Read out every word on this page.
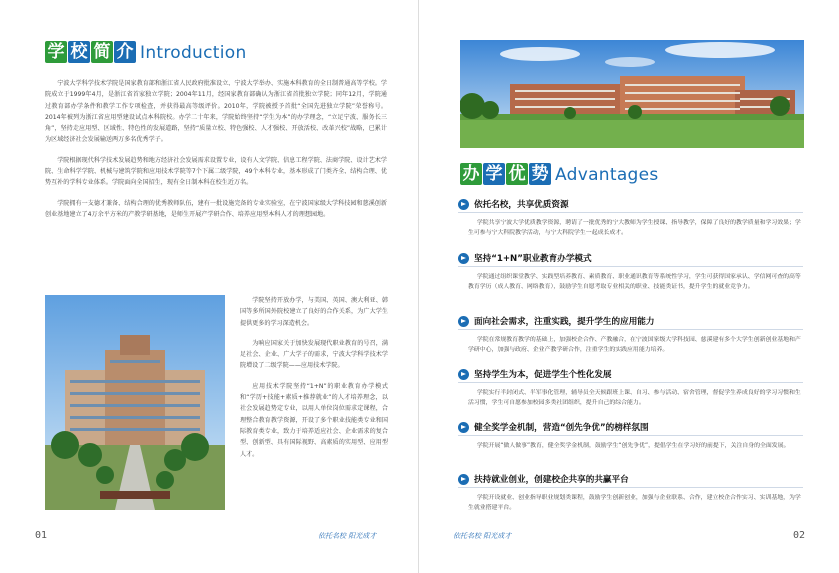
学 校 简 介 Introduction

宁波大学科学技术学院是国家教育部和浙江省人民政府批准设立、宁波大学举办、实施本科教育的全日制普通高等学校。学院成立于1999年4月，是浙江省首家独立学院；2004年11月，经国家教育部确认为浙江省首批独立学院；同年12月，学院通过教育部办学条件和教学工作专项检查，并获得最高等级评价。2010年，学院被授予首批“全国先进独立学院”荣誉称号。2014年被列为浙江省应用型建设试点本科院校。办学二十年来，学院始终坚持“学生为本”的办学理念，“立足宁波、服务长三角”，坚持走应用型、区域性、特色性的发展道路，坚持“质量立校、特色强校、人才强校、开放活校、改革兴校”战略，已累计为区域经济社会发展输送两万多名优秀学子。

学院根据现代科学技术发展趋势和地方经济社会发展需求设置专业，设有人文学院、信息工程学院、法商学院、设计艺术学院、生命科学学院、机械与建筑学院和应用技术学院等7个下属二级学院，49个本科专业，基本形成了门类齐全、结构合理、优势互补的学科专业体系。学院面向全国招生，现有全日制本科在校生近万名。

学院拥有一支德才兼备、结构合理的优秀教师队伍，建有一批设施完备的专业实验室，在宁波国家级大学科技园和慈溪创新创业基地建立了4万余平方米的产教学研基地，是师生开展产学研合作、培养应用型本科人才的理想园地。

学院坚持开放办学，与美国、英国、澳大利亚、韩国等多所国外院校建立了良好的合作关系，为广大学生提供更多的学习深造机会。

为响应国家关于加快发展现代职业教育的号召，满足社会、企业、广大学子的需求，宁波大学科学技术学院增设了二级学院——应用技术学院。

应用技术学院坚持“1+N”的职业教育办学模式和“学历+技能+素质+推荐就业”的人才培养理念，以社会发展趋势定专业，以用人单位岗位需求定课程，合理整合教育教学资源，开设了多个职业技能类专业和国际教育类专业，致力于培养适应社会、企业需求的复合型、创新型、具有国际视野、高素质的实用型、应用型人才。

01	依托名校 阳光成才
办 学 优 势 Advantages
依托名校，共享优质资源
学院共享宁波大学优质教学资源，聘请了一批优秀的宁大教师为学生授课、指导教学，保障了良好的教学质量和学习效果；学生可参与宁大科院教学活动，与宁大科院学生一起成长成才。
坚持“1+N”职业教育办学模式
学院通过组织课堂教学、实践型培养教育、素质教育、职业通识教育等系统性学习，学生可获得国家承认、学信网可查的高等教育学历（成人教育、网络教育），鼓励学生自愿考取专业相关的职业、技能类证书，提升学生的就业竞争力。
面向社会需求，注重实践，提升学生的应用能力
学院在常规教育教学的基础上，加强校企合作、产教融合，在宁波国家级大学科技园、慈溪建有多个大学生创新创业基地和产学研中心，加强与政府、企业产教学研合作，注重学生的实践应用能力培养。
坚持学生为本，促进学生个性化发展
学院实行半封闭式、半军事化管理，辅导员全天候跟班上课、自习、参与活动、宿舍管理，督促学生养成良好的学习习惯和生活习惯，学生可自愿参加校园多类社团组织，提升自己的综合能力。
健全奖学金机制，营造“创先争优”的榜样氛围
学院开展“做人做事”教育，健全奖学金机制，鼓励学生“创先争优”，提倡学生在学习好的前提下，关注自身的全面发展。
扶持就业创业，创建校企共享的共赢平台
学院开设就业、创业指导职业规划类课程，鼓励学生创新创业，加强与企业联系、合作，建立校企合作实习、实训基地，为学生就业搭建平台。
依托名校 阳光成才	02
